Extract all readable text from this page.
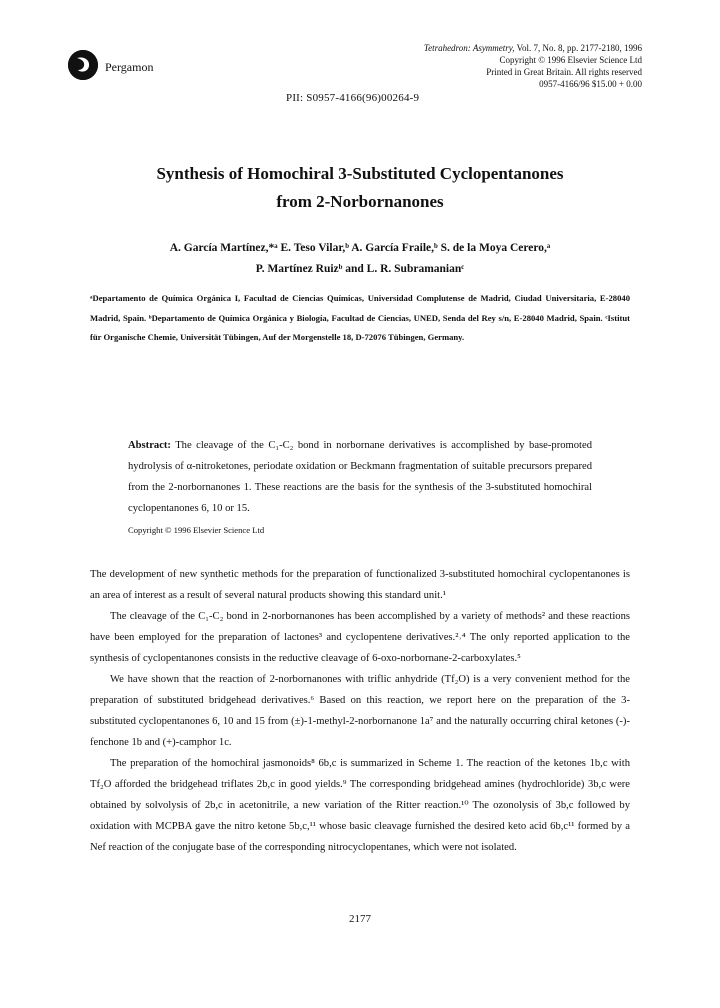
Pergamon
Tetrahedron: Asymmetry, Vol. 7, No. 8, pp. 2177-2180, 1996
Copyright © 1996 Elsevier Science Ltd
Printed in Great Britain. All rights reserved
0957-4166/96 $15.00 + 0.00
PII: S0957-4166(96)00264-9
Synthesis of Homochiral 3-Substituted Cyclopentanones
from 2-Norbornanones
A. García Martínez,*ᵃ E. Teso Vilar,ᵇ A. García Fraile,ᵇ S. de la Moya Cerero,ᵃ
P. Martínez Ruizᵇ and L. R. Subramanianᶜ
ᵃDepartamento de Química Orgánica I, Facultad de Ciencias Químicas, Universidad Complutense de Madrid, Ciudad Universitaria, E-28040 Madrid, Spain. ᵇDepartamento de Química Orgánica y Biología, Facultad de Ciencias, UNED, Senda del Rey s/n, E-28040 Madrid, Spain. ᶜIstitut für Organische Chemie, Universität Tübingen, Auf der Morgenstelle 18, D-72076 Tübingen, Germany.
Abstract: The cleavage of the C₁-C₂ bond in norbornane derivatives is accomplished by base-promoted hydrolysis of α-nitroketones, periodate oxidation or Beckmann fragmentation of suitable precursors prepared from the 2-norbornanones 1. These reactions are the basis for the synthesis of the 3-substituted homochiral cyclopentanones 6, 10 or 15.
Copyright © 1996 Elsevier Science Ltd

The development of new synthetic methods for the preparation of functionalized 3-substituted homochiral cyclopentanones is an area of interest as a result of several natural products showing this standard unit.¹

The cleavage of the C₁-C₂ bond in 2-norbornanones has been accomplished by a variety of methods² and these reactions have been employed for the preparation of lactones³ and cyclopentene derivatives.²˒⁴ The only reported application to the synthesis of cyclopentanones consists in the reductive cleavage of 6-oxo-norbornane-2-carboxylates.⁵

We have shown that the reaction of 2-norbornanones with triflic anhydride (Tf₂O) is a very convenient method for the preparation of substituted bridgehead derivatives.⁶ Based on this reaction, we report here on the preparation of the 3-substituted cyclopentanones 6, 10 and 15 from (±)-1-methyl-2-norbornanone 1a⁷ and the naturally occurring chiral ketones (-)-fenchone 1b and (+)-camphor 1c.

The preparation of the homochiral jasmonoids⁸ 6b,c is summarized in Scheme 1. The reaction of the ketones 1b,c with Tf₂O afforded the bridgehead triflates 2b,c in good yields.⁹ The corresponding bridgehead amines (hydrochloride) 3b,c were obtained by solvolysis of 2b,c in acetonitrile, a new variation of the Ritter reaction.¹⁰ The ozonolysis of 3b,c followed by oxidation with MCPBA gave the nitro ketone 5b,c,¹¹ whose basic cleavage furnished the desired keto acid 6b,c¹¹ formed by a Nef reaction of the conjugate base of the corresponding nitrocyclopentanes, which were not isolated.

2177
